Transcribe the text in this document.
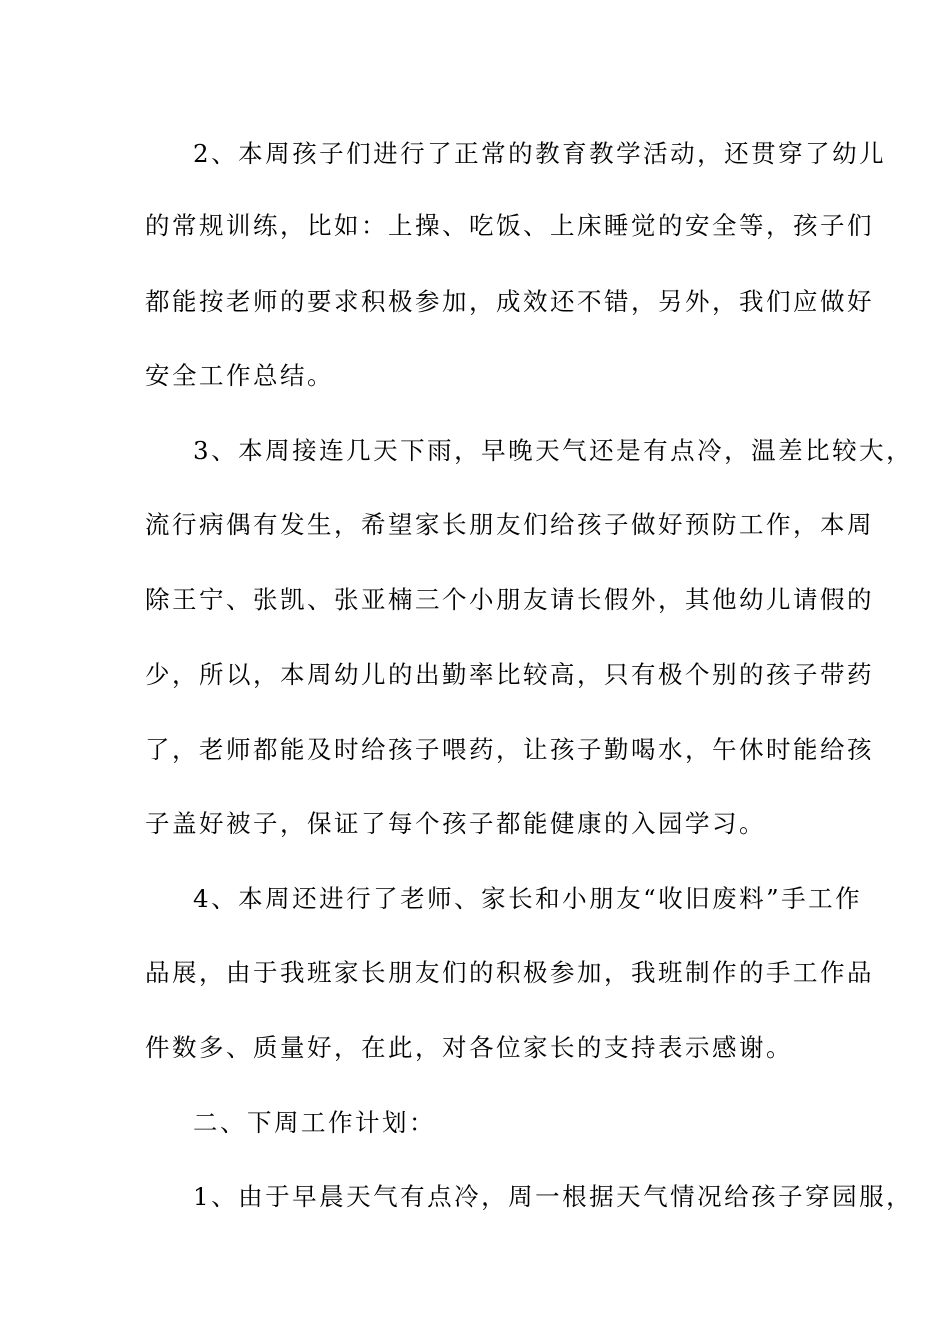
2、本周孩子们进行了正常的教育教学活动，还贯穿了幼儿
的常规训练，比如：上操、吃饭、上床睡觉的安全等，孩子们
都能按老师的要求积极参加，成效还不错，另外，我们应做好
安全工作总结。
3、本周接连几天下雨，早晚天气还是有点冷，温差比较大，
流行病偶有发生，希望家长朋友们给孩子做好预防工作，本周
除王宁、张凯、张亚楠三个小朋友请长假外，其他幼儿请假的
少，所以，本周幼儿的出勤率比较高，只有极个别的孩子带药
了，老师都能及时给孩子喂药，让孩子勤喝水，午休时能给孩
子盖好被子，保证了每个孩子都能健康的入园学习。
4、本周还进行了老师、家长和小朋友“收旧废料”手工作
品展，由于我班家长朋友们的积极参加，我班制作的手工作品
件数多、质量好，在此，对各位家长的支持表示感谢。
二、下周工作计划：
1、由于早晨天气有点冷，周一根据天气情况给孩子穿园服，
